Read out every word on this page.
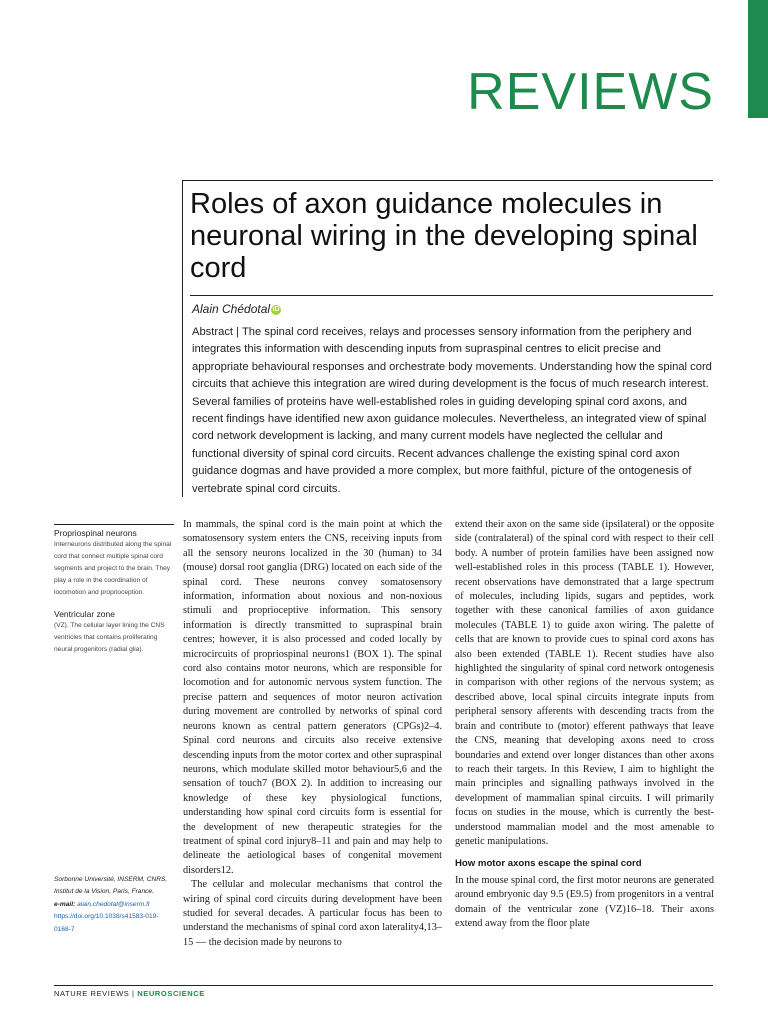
REVIEWS
Roles of axon guidance molecules in neuronal wiring in the developing spinal cord
Alain Chédotal iD
Abstract | The spinal cord receives, relays and processes sensory information from the periphery and integrates this information with descending inputs from supraspinal centres to elicit precise and appropriate behavioural responses and orchestrate body movements. Understanding how the spinal cord circuits that achieve this integration are wired during development is the focus of much research interest. Several families of proteins have well-established roles in guiding developing spinal cord axons, and recent findings have identified new axon guidance molecules. Nevertheless, an integrated view of spinal cord network development is lacking, and many current models have neglected the cellular and functional diversity of spinal cord circuits. Recent advances challenge the existing spinal cord axon guidance dogmas and have provided a more complex, but more faithful, picture of the ontogenesis of vertebrate spinal cord circuits.
Propriospinal neurons
Interneurons distributed along the spinal cord that connect multiple spinal cord segments and project to the brain. They play a role in the coordination of locomotion and proprioception.
Ventricular zone
(VZ). The cellular layer lining the CNS ventricles that contains proliferating neural progenitors (radial glia).
Sorbonne Université, INSERM, CNRS, Institut de la Vision, Paris, France.
e-mail: alain.chedotal@inserm.fr
https://doi.org/10.1038/s41583-019-0168-7

In mammals, the spinal cord is the main point at which the somatosensory system enters the CNS, receiving inputs from all the sensory neurons localized in the 30 (human) to 34 (mouse) dorsal root ganglia (DRG) located on each side of the spinal cord. These neurons convey somatosensory information, information about noxious and non-noxious stimuli and proprioceptive information. This sensory information is directly transmitted to supraspinal brain centres; however, it is also processed and coded locally by microcircuits of propriospinal neurons1 (BOX 1). The spinal cord also contains motor neurons, which are responsible for locomotion and for autonomic nervous system function. The precise pattern and sequences of motor neuron activation during movement are controlled by networks of spinal cord neurons known as central pattern generators (CPGs)2–4. Spinal cord neurons and circuits also receive extensive descending inputs from the motor cortex and other supraspinal neurons, which modulate skilled motor behaviour5,6 and the sensation of touch7 (BOX 2). In addition to increasing our knowledge of these key physiological functions, understanding how spinal cord circuits form is essential for the development of new therapeutic strategies for the treatment of spinal cord injury8–11 and pain and may help to delineate the aetiological bases of congenital movement disorders12.

The cellular and molecular mechanisms that control the wiring of spinal cord circuits during development have been studied for several decades. A particular focus has been to understand the mechanisms of spinal cord axon laterality4,13–15 — the decision made by neurons to

extend their axon on the same side (ipsilateral) or the opposite side (contralateral) of the spinal cord with respect to their cell body. A number of protein families have been assigned now well-established roles in this process (TABLE 1). However, recent observations have demonstrated that a large spectrum of molecules, including lipids, sugars and peptides, work together with these canonical families of axon guidance molecules (TABLE 1) to guide axon wiring. The palette of cells that are known to provide cues to spinal cord axons has also been extended (TABLE 1). Recent studies have also highlighted the singularity of spinal cord network ontogenesis in comparison with other regions of the nervous system; as described above, local spinal circuits integrate inputs from peripheral sensory afferents with descending tracts from the brain and contribute to (motor) efferent pathways that leave the CNS, meaning that developing axons need to cross boundaries and extend over longer distances than other axons to reach their targets. In this Review, I aim to highlight the main principles and signalling pathways involved in the development of mammalian spinal circuits. I will primarily focus on studies in the mouse, which is currently the best-understood mammalian model and the most amenable to genetic manipulations.

How motor axons escape the spinal cord

In the mouse spinal cord, the first motor neurons are generated around embryonic day 9.5 (E9.5) from progenitors in a ventral domain of the ventricular zone (VZ)16–18. Their axons extend away from the floor plate

NATURE REVIEWS | NEUROSCIENCE
